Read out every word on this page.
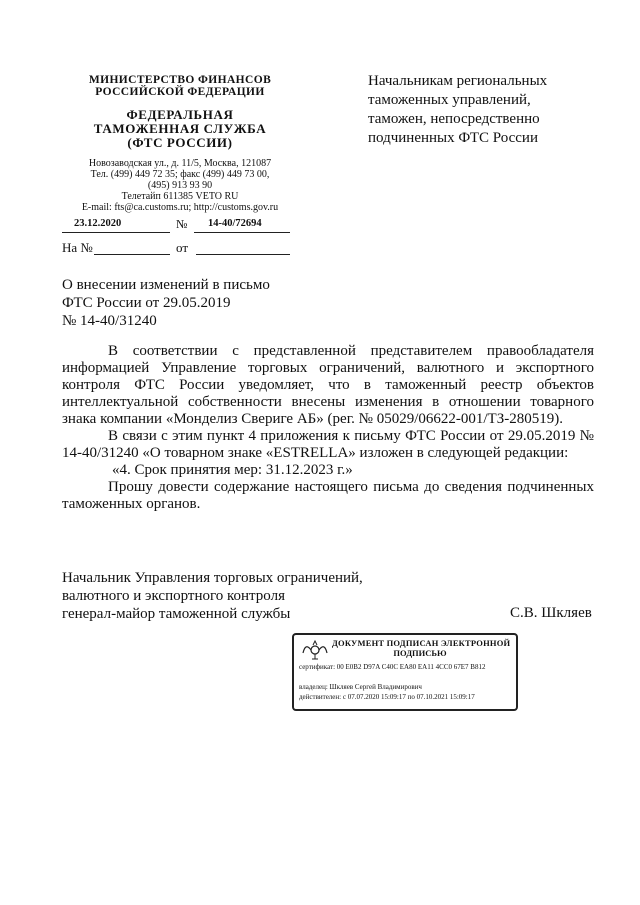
МИНИСТЕРСТВО ФИНАНСОВ
РОССИЙСКОЙ ФЕДЕРАЦИИ
ФЕДЕРАЛЬНАЯ
ТАМОЖЕННАЯ СЛУЖБА
(ФТС РОССИИ)
Новозаводская ул., д. 11/5, Москва, 121087
Тел. (499) 449 72 35; факс (499) 449 73 00,
(495) 913 93 90
Телетайп 611385 VETO RU
E-mail: fts@ca.customs.ru; http://customs.gov.ru
23.12.2020	№ 14-40/72694
На №	от
Начальникам региональных
таможенных управлений,
таможен, непосредственно
подчиненных ФТС России
О внесении изменений в письмо
ФТС России от 29.05.2019
№ 14-40/31240

В соответствии с представленной представителем правообладателя информацией Управление торговых ограничений, валютного и экспортного контроля ФТС России уведомляет, что в таможенный реестр объектов интеллектуальной собственности внесены изменения в отношении товарного знака компании «Монделиз Свериге АБ» (рег. № 05029/06622-001/ТЗ-280519).

В связи с этим пункт 4 приложения к письму ФТС России от 29.05.2019 № 14-40/31240 «О товарном знаке «ESTRELLA» изложен в следующей редакции:

«4. Срок принятия мер: 31.12.2023 г.»

Прошу довести содержание настоящего письма до сведения подчиненных таможенных органов.

Начальник Управления торговых ограничений,
валютного и экспортного контроля
генерал-майор таможенной службы	С.В. Шкляев
ДОКУМЕНТ ПОДПИСАН ЭЛЕКТРОННОЙ
ПОДПИСЬЮ
сертификат: 00 E0B2 D97A C40C EA80 EA11 4CC0 67E7 B812
владелец: Шкляев Сергей Владимирович
действителен: с 07.07.2020 15:09:17 по 07.10.2021 15:09:17
